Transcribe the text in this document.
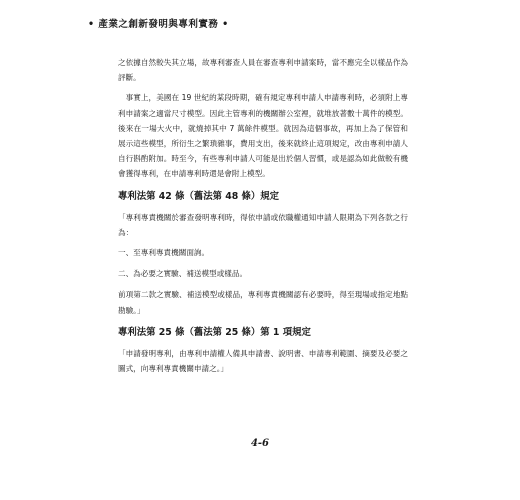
• 產業之創新發明與專利實務 •

之依據自然較失其立場，故專利審查人員在審查專利申請案時，當不應完全以樣品作為評斷。

事實上，美國在 19 世紀的某段時期，確有規定專利申請人申請專利時，必須附上專利申請案之適當尺寸模型。因此主管專利的機關辦公室裡，就堆放著數十萬件的模型。後來在一場大火中，就燒掉其中 7 萬餘件模型。就因為這個事故，再加上為了保管和展示這些模型，所衍生之繁瑣雜事，費用支出，後來就終止這項規定，改由專利申請人自行斟酌附加。時至今，有些專利申請人可能是出於個人習慣，或是認為如此做較有機會獲得專利，在申請專利時還是會附上模型。

專利法第 42 條（舊法第 48 條）規定

「專利專責機關於審查發明專利時，得依申請或依職權通知申請人限期為下列各款之行為：

一、至專利專責機關面詢。

二、為必要之實驗、補送模型或樣品。

前項第二款之實驗、補送模型或樣品，專利專責機關認有必要時，得至現場或指定地點勘驗。」

專利法第 25 條（舊法第 25 條）第 1 項規定

「申請發明專利，由專利申請權人備具申請書、說明書、申請專利範圍、摘要及必要之圖式，向專利專責機關申請之。」

4-6
